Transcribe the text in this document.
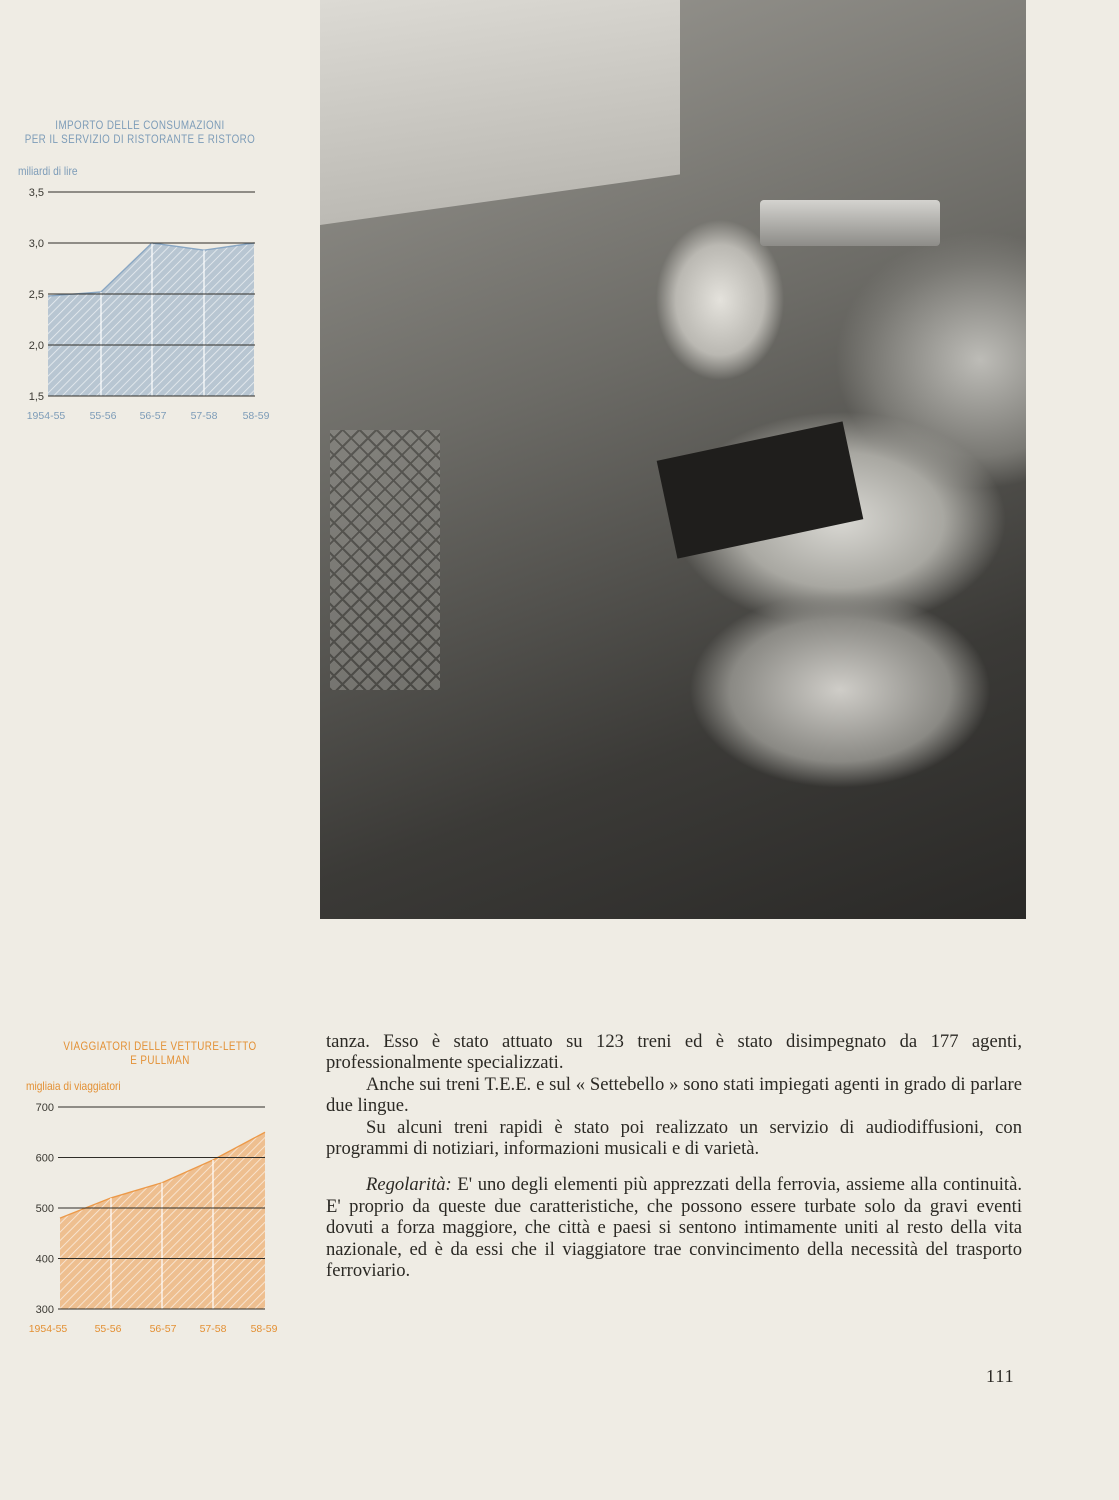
IMPORTO DELLE CONSUMAZIONI
PER IL SERVIZIO DI RISTORANTE E RISTORO
miliardi di lire
3,5
3,0
2,5
2,0
1,5
1954-55 55-56 56-57 57-58 58-59
VIAGGIATORI DELLE VETTURE-LETTO
E PULLMAN
migliaia di viaggiatori
700
600
500
400
300
1954-55	55-56	56-57 57-58 58-59

tanza. Esso è stato attuato su 123 treni ed è stato disimpegnato da 177 agenti, professionalmente specializzati.

Anche sui treni T.E.E. e sul « Settebello » sono stati impiegati agenti in grado di parlare due lingue.

Su alcuni treni rapidi è stato poi realizzato un servizio di audiodiffusioni, con programmi di notiziari, informazioni musicali e di varietà.

Regolarità: E' uno degli elementi più apprezzati della ferrovia, assieme alla continuità. E' proprio da queste due caratteristiche, che possono essere turbate solo da gravi eventi dovuti a forza maggiore, che città e paesi si sentono intimamente uniti al resto della vita nazionale, ed è da essi che il viaggiatore trae convincimento della necessità del trasporto ferroviario.

111
